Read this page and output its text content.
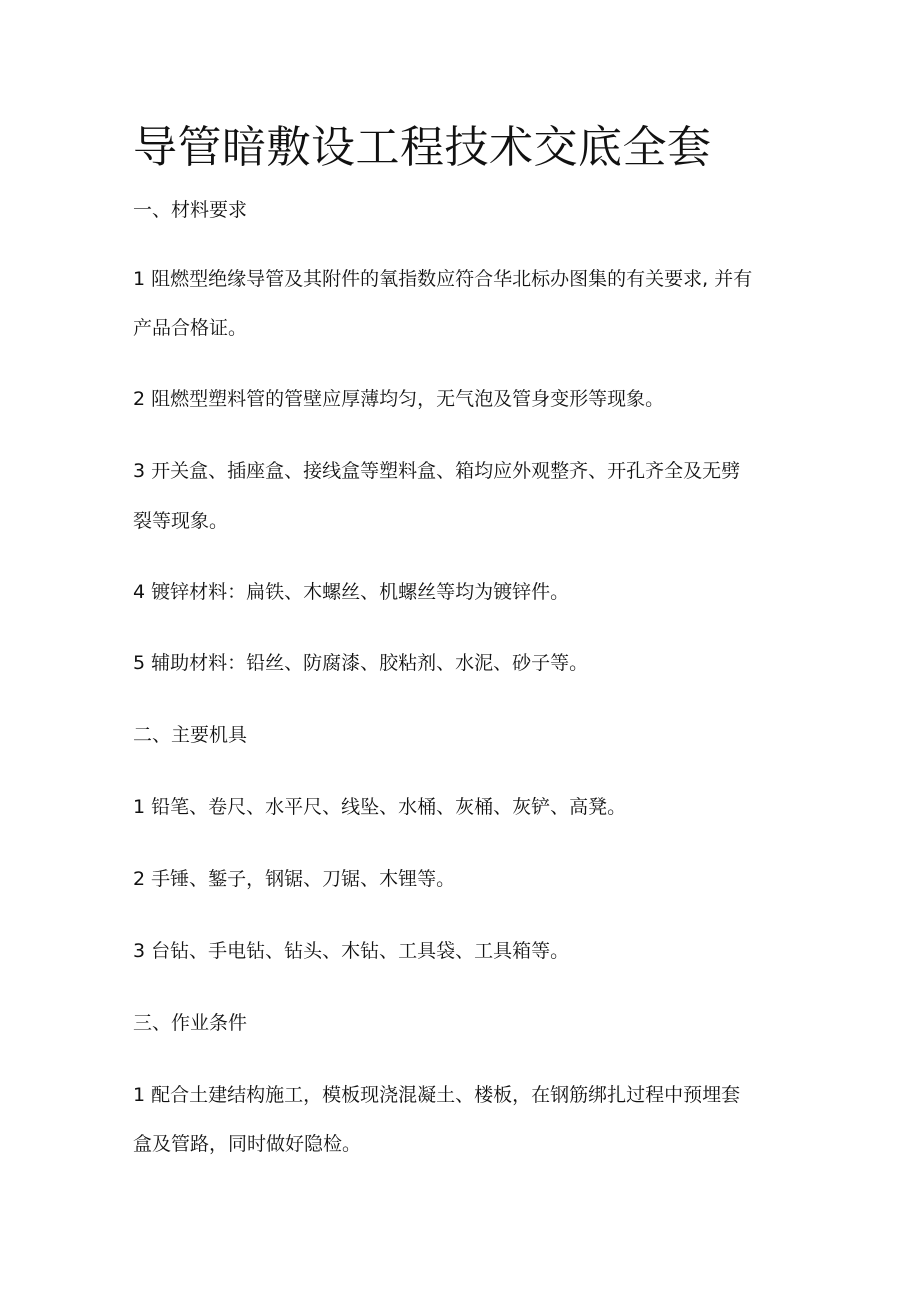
导管暗敷设工程技术交底全套

一、材料要求

1 阻燃型绝缘导管及其附件的氧指数应符合华北标办图集的有关要求, 并有

产品合格证。

2 阻燃型塑料管的管壁应厚薄均匀，无气泡及管身变形等现象。

3 开关盒、插座盒、接线盒等塑料盒、箱均应外观整齐、开孔齐全及无劈

裂等现象。

4 镀锌材料：扁铁、木螺丝、机螺丝等均为镀锌件。

5 辅助材料：铅丝、防腐漆、胶粘剂、水泥、砂子等。

二、主要机具

1 铅笔、卷尺、水平尺、线坠、水桶、灰桶、灰铲、高凳。

2 手锤、錾子，钢锯、刀锯、木锂等。

3 台钻、手电钻、钻头、木钻、工具袋、工具箱等。

三、作业条件

1 配合土建结构施工，模板现浇混凝土、楼板，在钢筋绑扎过程中预埋套

盒及管路，同时做好隐检。
